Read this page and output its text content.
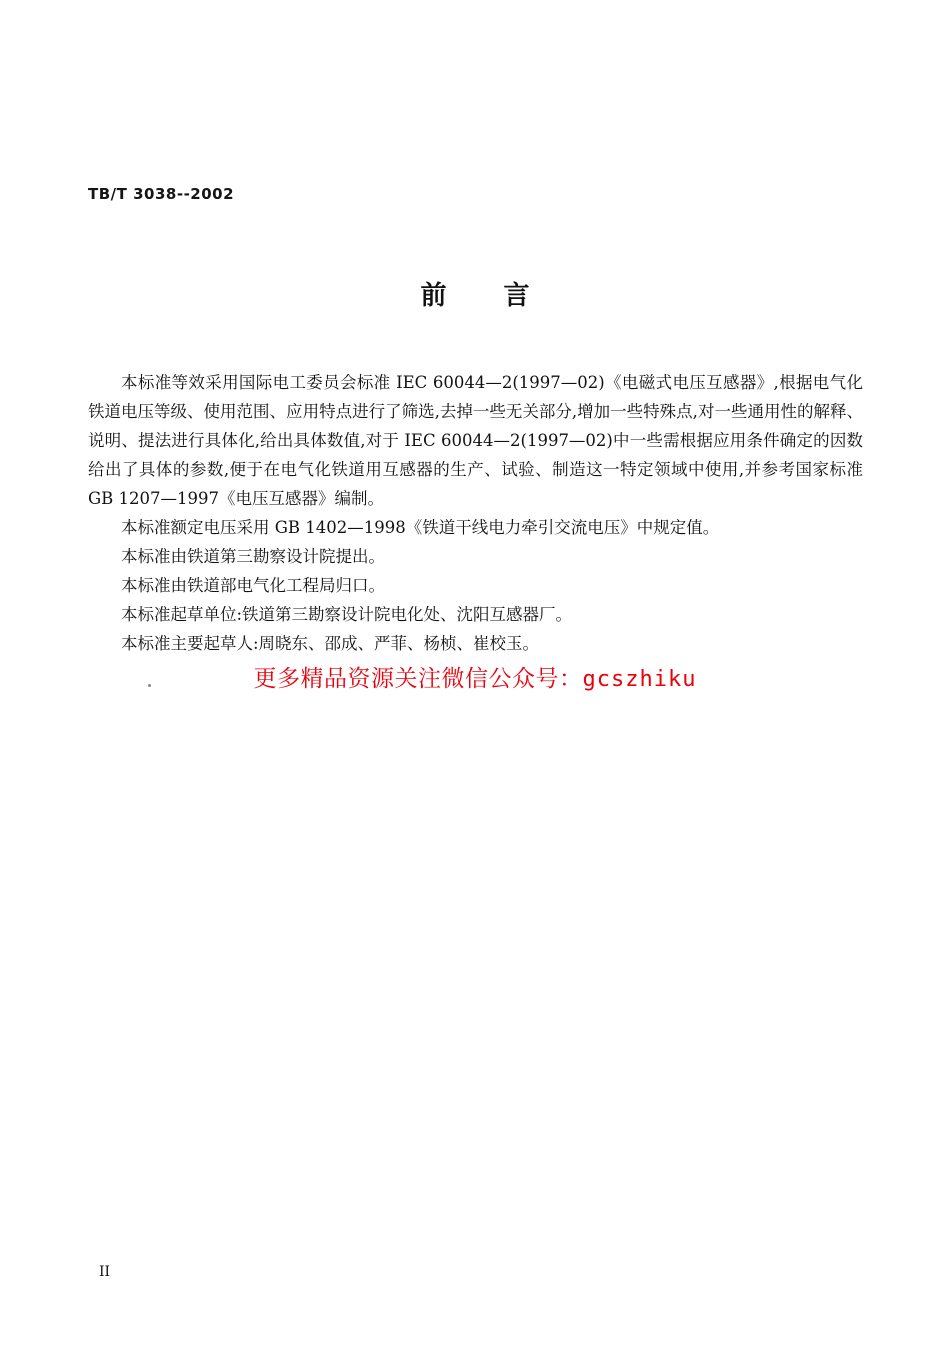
TB/T 3038--2002
前 言

本标准等效采用国际电工委员会标准 IEC 60044—2(1997—02)《电磁式电压互感器》,根据电气化铁道电压等级、使用范围、应用特点进行了筛选,去掉一些无关部分,增加一些特殊点,对一些通用性的解释、说明、提法进行具体化,给出具体数值,对于 IEC 60044—2(1997—02)中一些需根据应用条件确定的因数给出了具体的参数,便于在电气化铁道用互感器的生产、试验、制造这一特定领域中使用,并参考国家标准 GB 1207—1997《电压互感器》编制。

本标准额定电压采用 GB 1402—1998《铁道干线电力牵引交流电压》中规定值。

本标准由铁道第三勘察设计院提出。

本标准由铁道部电气化工程局归口。

本标准起草单位:铁道第三勘察设计院电化处、沈阳互感器厂。

本标准主要起草人:周晓东、邵成、严菲、杨桢、崔校玉。

更多精品资源关注微信公众号：gcszhiku
II
